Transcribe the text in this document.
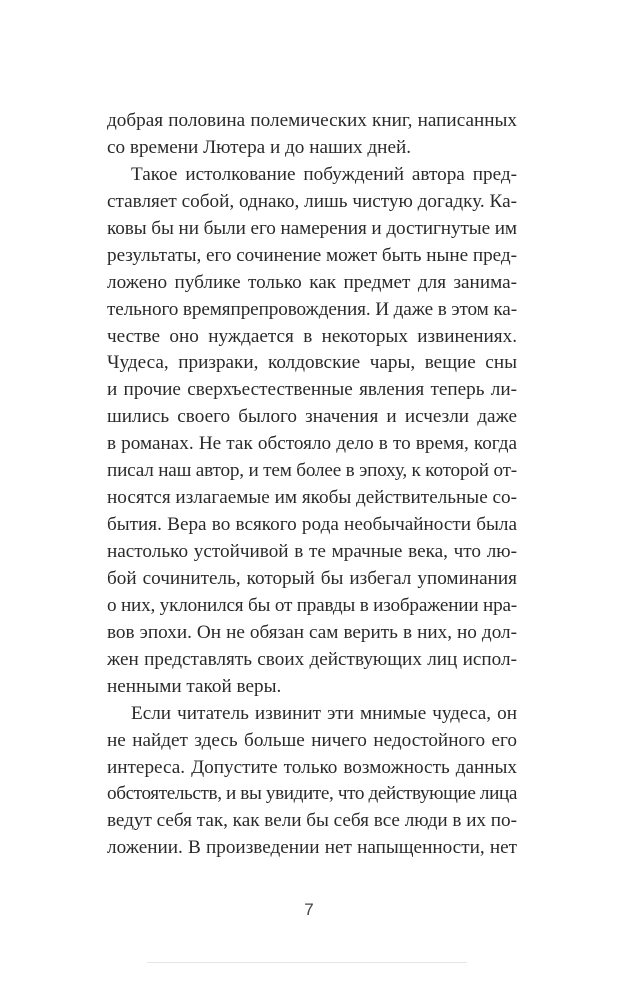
добрая половина полемических книг, написанных
со времени Лютера и до наших дней.
Такое истолкование побуждений автора пред-
ставляет собой, однако, лишь чистую догадку. Ка-
ковы бы ни были его намерения и достигнутые им
результаты, его сочинение может быть ныне пред-
ложено публике только как предмет для занима-
тельного времяпрепровождения. И даже в этом ка-
честве оно нуждается в некоторых извинениях.
Чудеса, призраки, колдовские чары, вещие сны
и прочие сверхъестественные явления теперь ли-
шились своего былого значения и исчезли даже
в романах. Не так обстояло дело в то время, когда
писал наш автор, и тем более в эпоху, к которой от-
носятся излагаемые им якобы действительные со-
бытия. Вера во всякого рода необычайности была
настолько устойчивой в те мрачные века, что лю-
бой сочинитель, который бы избегал упоминания
о них, уклонился бы от правды в изображении нра-
вов эпохи. Он не обязан сам верить в них, но дол-
жен представлять своих действующих лиц испол-
ненными такой веры.
Если читатель извинит эти мнимые чудеса, он
не найдет здесь больше ничего недостойного его
интереса. Допустите только возможность данных
обстоятельств, и вы увидите, что действующие лица
ведут себя так, как вели бы себя все люди в их по-
ложении. В произведении нет напыщенности, нет
7
